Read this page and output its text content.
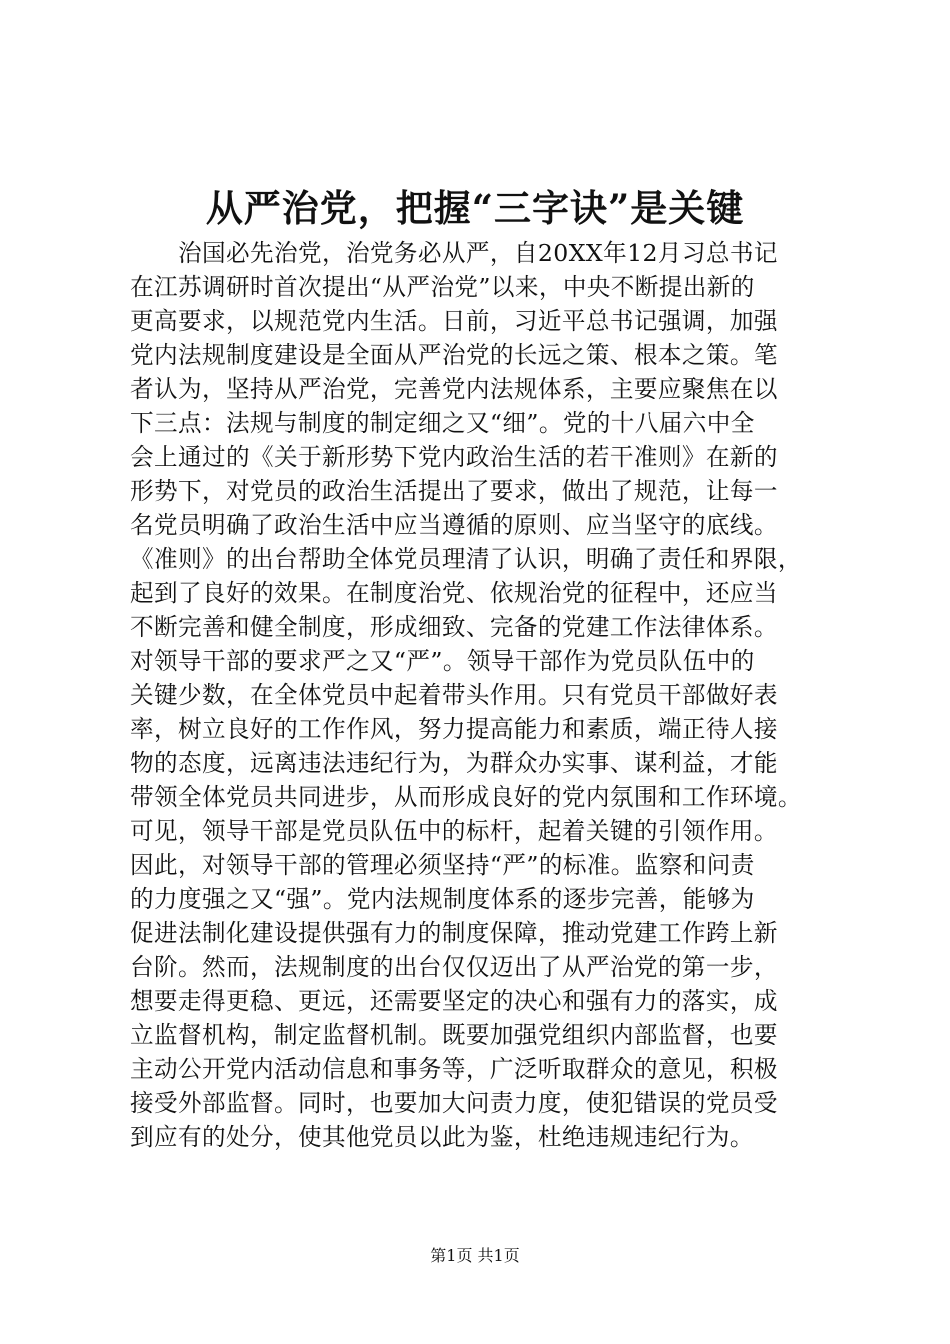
从严治党，把握“三字诀”是关键
　　治国必先治党，治党务必从严，自20XX年12月习总书记
在江苏调研时首次提出“从严治党”以来，中央不断提出新的
更高要求，以规范党内生活。日前，习近平总书记强调，加强
党内法规制度建设是全面从严治党的长远之策、根本之策。笔
者认为，坚持从严治党，完善党内法规体系，主要应聚焦在以
下三点：法规与制度的制定细之又“细”。党的十八届六中全
会上通过的《关于新形势下党内政治生活的若干准则》在新的
形势下，对党员的政治生活提出了要求，做出了规范，让每一
名党员明确了政治生活中应当遵循的原则、应当坚守的底线。
《准则》的出台帮助全体党员理清了认识，明确了责任和界限，
起到了良好的效果。在制度治党、依规治党的征程中，还应当
不断完善和健全制度，形成细致、完备的党建工作法律体系。
对领导干部的要求严之又“严”。领导干部作为党员队伍中的
关键少数，在全体党员中起着带头作用。只有党员干部做好表
率，树立良好的工作作风，努力提高能力和素质，端正待人接
物的态度，远离违法违纪行为，为群众办实事、谋利益，才能
带领全体党员共同进步，从而形成良好的党内氛围和工作环境。
可见，领导干部是党员队伍中的标杆，起着关键的引领作用。
因此，对领导干部的管理必须坚持“严”的标准。监察和问责
的力度强之又“强”。党内法规制度体系的逐步完善，能够为
促进法制化建设提供强有力的制度保障，推动党建工作跨上新
台阶。然而，法规制度的出台仅仅迈出了从严治党的第一步，
想要走得更稳、更远，还需要坚定的决心和强有力的落实，成
立监督机构，制定监督机制。既要加强党组织内部监督，也要
主动公开党内活动信息和事务等，广泛听取群众的意见，积极
接受外部监督。同时，也要加大问责力度，使犯错误的党员受
到应有的处分，使其他党员以此为鉴，杜绝违规违纪行为。
第1页 共1页
